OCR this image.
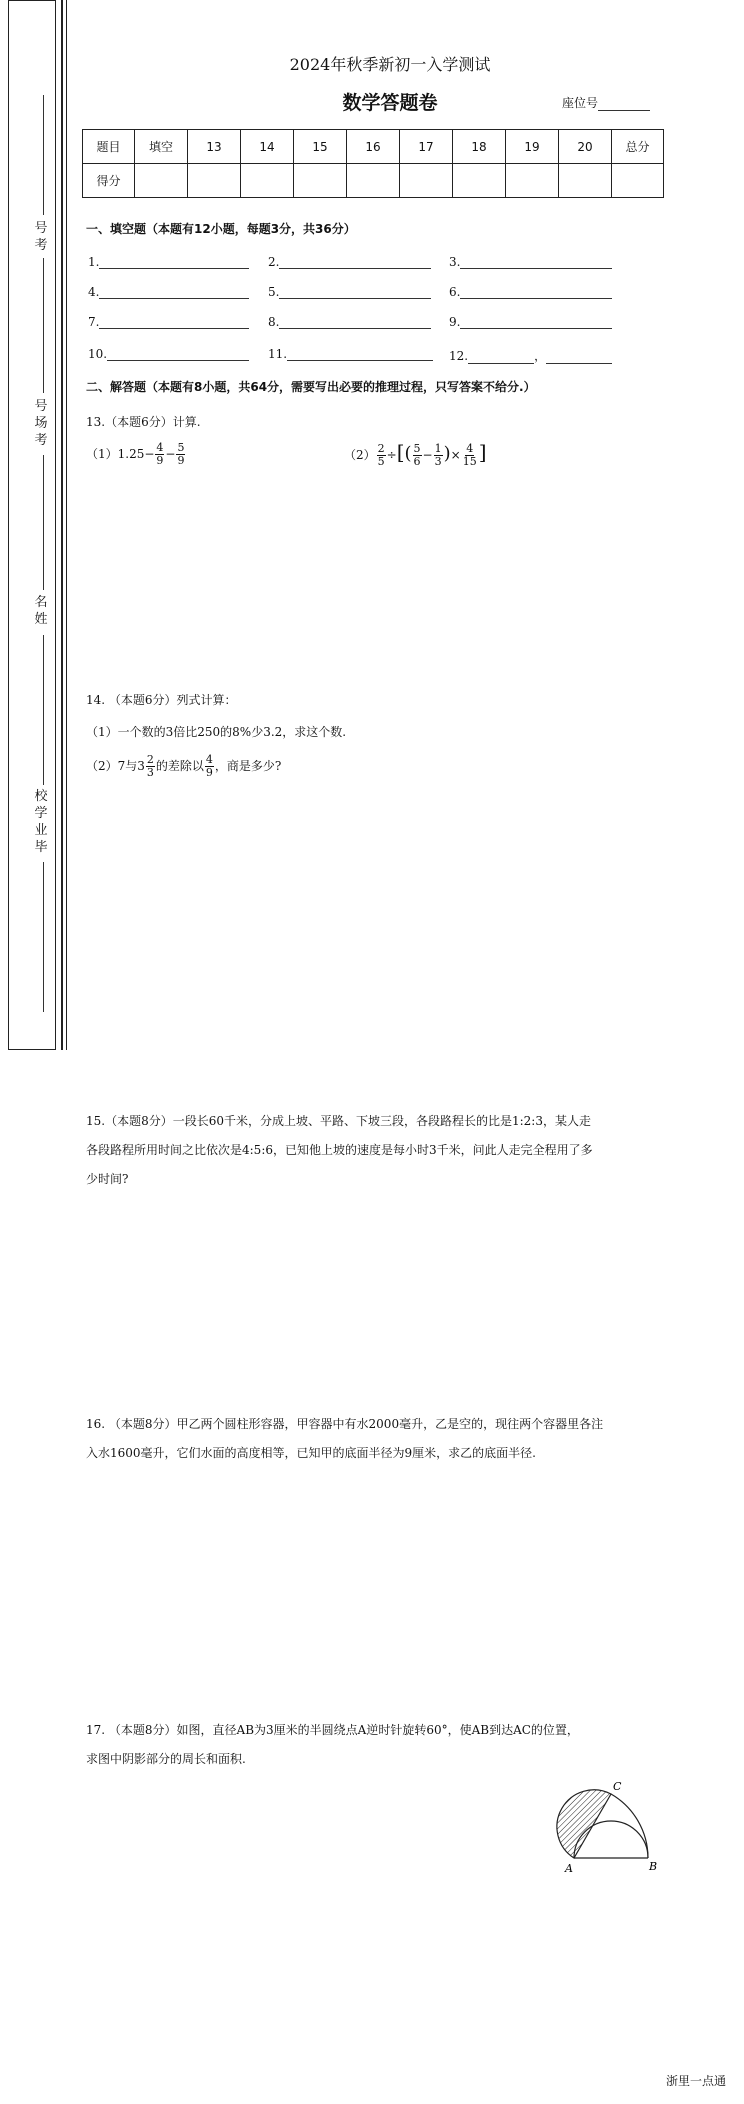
号
考
号
场
考
名
姓
校
学
业
毕
2024年秋季新初一入学测试
数学答题卷	座位号
题目	填空	13	14	15	16	17	18	19	20	总分
得分										
一、填空题（本题有12小题，每题3分，共36分）
1.	2.	3.
4.	5.	6.
7.	8.	9.
10.	11.	12.	，
二、解答题（本题有8小题，共64分，需要写出必要的推理过程，只写答案不给分.）
13.（本题6分）计算.
$(1)1.25- \frac{4}{9} - \frac{5}{9}$	$(2) \frac{2}{5}$ ÷[( $\frac{5}{6} - \frac{1}{3}$ )× $\frac{4}{15}$ ]
14. （本题6分）列式计算：
（1）一个数的3倍比250的8%少3.2，求这个数.
（2）7与$3 \frac{2}{3}$ 的差除以 $\frac{4}{9}$ ，商是多少?
15.（本题8分）一段长60千米，分成上坡、平路、下坡三段，各段路程长的比是1:2:3，某人走
各段路程所用时间之比依次是4:5:6，已知他上坡的速度是每小时3千米，问此人走完全程用了多
少时间?
16. （本题8分）甲乙两个圆柱形容器，甲容器中有水2000毫升，乙是空的，现往两个容器里各注
入水1600毫升，它们水面的高度相等，已知甲的底面半径为9厘米，求乙的底面半径.
17. （本题8分）如图，直径AB为3厘米的半圆绕点A逆时针旋转60°，使AB到达AC的位置，
求图中阴影部分的周长和面积.
A	B
C
浙里一点通
